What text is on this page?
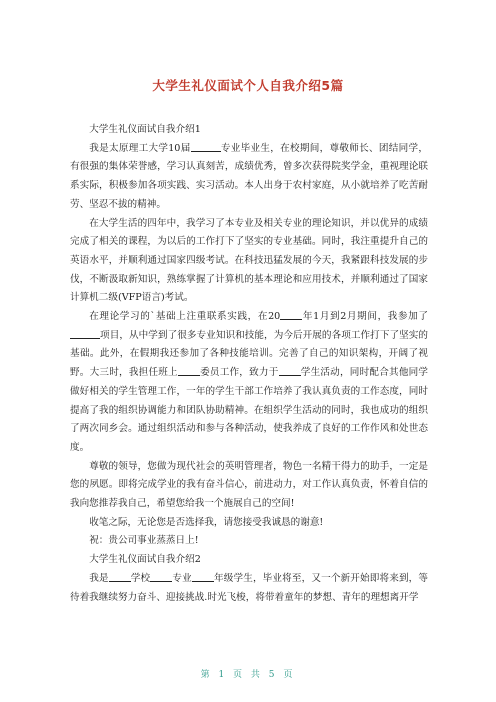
大学生礼仪面试个人自我介绍5篇

大学生礼仪面试自我介绍1

我是太原理工大学10届	专业毕业生，在校期间，尊敬师长、团结同学，有很强的集体荣誉感，学习认真刻苦，成绩优秀，曾多次获得院奖学金，重视理论联系实际，积极参加各项实践、实习活动。本人出身于农村家庭，从小就培养了吃苦耐劳、坚忍不拔的精神。

在大学生活的四年中，我学习了本专业及相关专业的理论知识，并以优异的成绩完成了相关的课程，为以后的工作打下了坚实的专业基础。同时，我注重提升自己的英语水平，并顺利通过国家四级考试。在科技迅猛发展的今天，我紧跟科技发展的步伐，不断汲取新知识，熟练掌握了计算机的基本理论和应用技术，并顺利通过了国家计算机二级(VFP语言)考试。

在理论学习的`基础上注重联系实践，在20 年1月到2月期间，我参加了项目，从中学到了很多专业知识和技能，为今后开展的各项工作打下了坚实的基础。此外，在假期我还参加了各种技能培训。完善了自己的知识架构，开阔了视野。大三时，我担任班上 委员工作，致力于 学生活动，同时配合其他同学做好相关的学生管理工作，一年的学生干部工作培养了我认真负责的工作态度，同时提高了我的组织协调能力和团队协助精神。在组织学生活动的同时，我也成功的组织了两次同乡会。通过组织活动和参与各种活动，使我养成了良好的工作作风和处世态度。

尊敬的领导，您做为现代社会的英明管理者，物色一名精干得力的助手，一定是您的夙愿。即将完成学业的我有奋斗信心，前进动力，对工作认真负责，怀着自信的我向您推荐我自己，希望您给我一个施展自己的空间!

收笔之际，无论您是否选择我，请您接受我诚恳的谢意!

祝：贵公司事业蒸蒸日上!

大学生礼仪面试自我介绍2

我是 学校 专业 年级学生，毕业将至，又一个新开始即将来到，等待着我继续努力奋斗、迎接挑战.时光飞梭，将带着童年的梦想、青年的理想离开学

第 1 页 共 5 页
